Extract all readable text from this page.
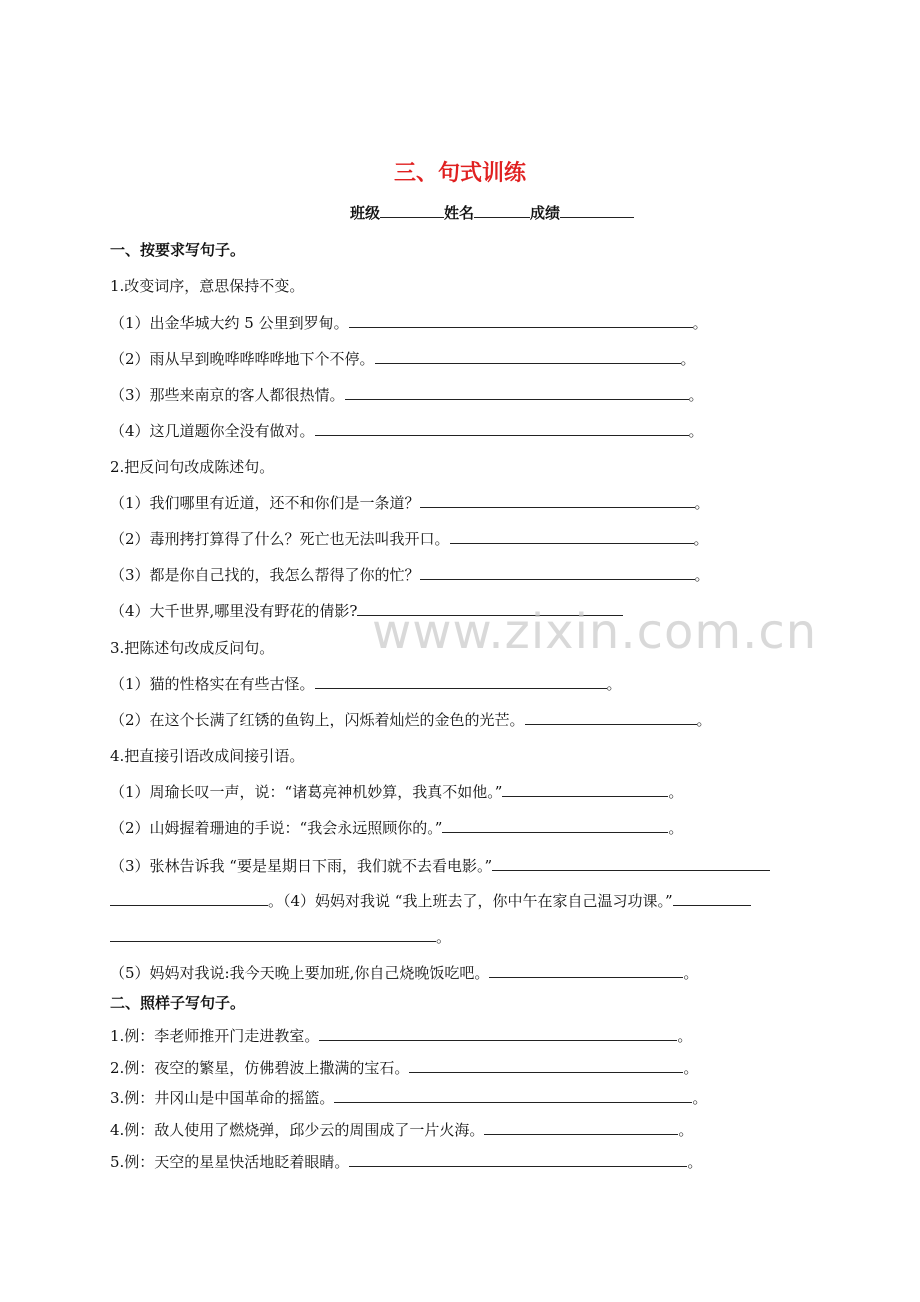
三、句式训练
班级	姓名	成绩
一、按要求写句子。
1.改变词序，意思保持不变。
（1）出金华城大约 5 公里到罗甸。	。
（2）雨从早到晚哗哗哗哗地下个不停。	。
（3）那些来南京的客人都很热情。	。
（4）这几道题你全没有做对。	。
2.把反问句改成陈述句。
（1）我们哪里有近道，还不和你们是一条道？	。
（2）毒刑拷打算得了什么？死亡也无法叫我开口。	。
（3）都是你自己找的，我怎么帮得了你的忙？	。
（4）大千世界,哪里没有野花的倩影?
3.把陈述句改成反问句。
（1）猫的性格实在有些古怪。	。
（2）在这个长满了红锈的鱼钩上，闪烁着灿烂的金色的光芒。	。
4.把直接引语改成间接引语。
（1）周瑜长叹一声，说：“诸葛亮神机妙算，我真不如他。”	。
（2）山姆握着珊迪的手说：“我会永远照顾你的。”	。
（3）张林告诉我 “要是星期日下雨，我们就不去看电影。”
。（4）妈妈对我说 “我上班去了，你中午在家自己温习功课。”
。
（5）妈妈对我说:我今天晚上要加班,你自己烧晚饭吃吧。	。
二、照样子写句子。
1.例：李老师推开门走进教室。	。
2.例：夜空的繁星，仿佛碧波上撒满的宝石。	。
3.例：井冈山是中国革命的摇篮。	。
4.例：敌人使用了燃烧弹，邱少云的周围成了一片火海。	。
5.例：天空的星星快活地眨着眼睛。	。
www.zixin.com.cn
